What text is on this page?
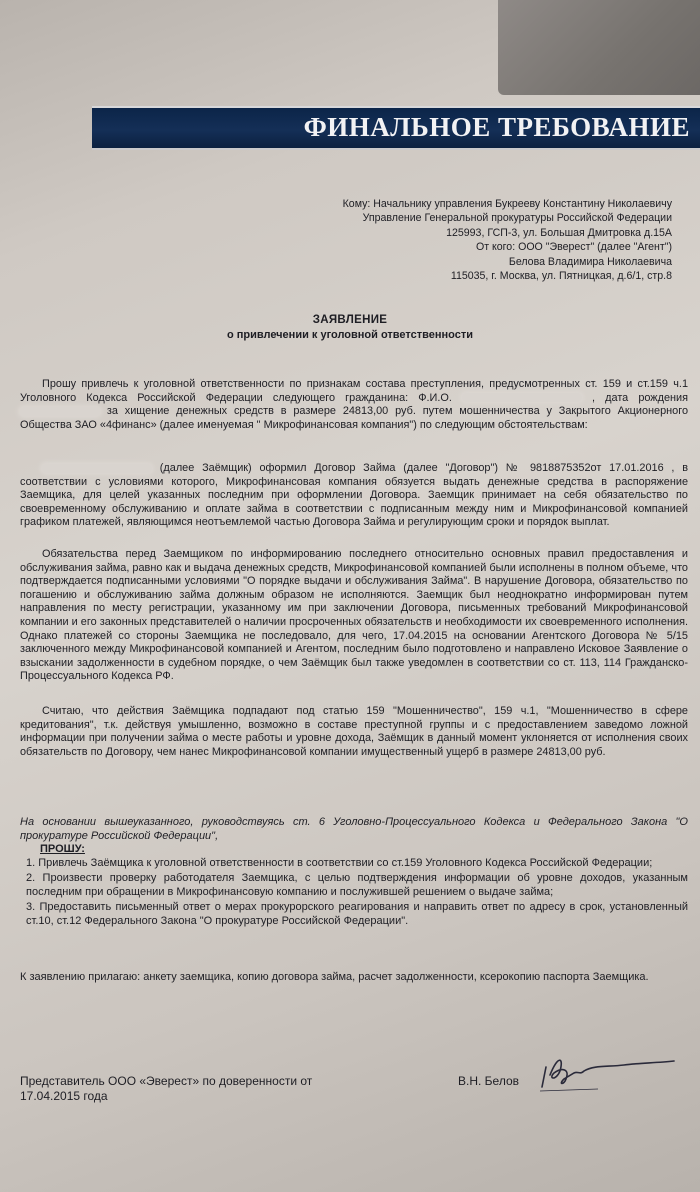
ФИНАЛЬНОЕ ТРЕБОВАНИЕ
Кому: Начальнику управления Букрееву Константину Николаевичу
Управление Генеральной прокуратуры Российской Федерации
125993, ГСП-3, ул. Большая Дмитровка д.15А
От кого: ООО "Эверест" (далее "Агент")
Белова Владимира Николаевича
115035, г. Москва, ул. Пятницкая, д.6/1, стр.8
ЗАЯВЛЕНИЕ
о привлечении к уголовной ответственности

Прошу привлечь к уголовной ответственности по признакам состава преступления, предусмотренных ст. 159 и ст.159 ч.1 Уголовного Кодекса Российской Федерации следующего гражданина: Ф.И.О.	, дата рождения  за хищение денежных средств в размере 24813,00 руб. путем мошенничества у Закрытого Акционерного Общества ЗАО «4финанс» (далее именуемая " Микрофинансовая компания") по следующим обстоятельствам:

(далее Заёмщик) оформил Договор Займа (далее "Договор") № 9818875352от 17.01.2016 , в соответствии с условиями которого, Микрофинансовая компания обязуется выдать денежные средства в распоряжение Заемщика, для целей указанных последним при оформлении Договора. Заемщик принимает на себя обязательство по своевременному обслуживанию и оплате займа в соответствии с подписанным между ним и Микрофинансовой компанией графиком платежей, являющимся неотъемлемой частью Договора Займа и регулирующим сроки и порядок выплат.

Обязательства перед Заемщиком по информированию последнего относительно основных правил предоставления и обслуживания займа, равно как и выдача денежных средств, Микрофинансовой компанией были исполнены в полном объеме, что подтверждается подписанными условиями "О порядке выдачи и обслуживания Займа". В нарушение Договора, обязательство по погашению и обслуживанию займа должным образом не исполняются. Заемщик был неоднократно информирован путем направления по месту регистрации, указанному им при заключении Договора, письменных требований Микрофинансовой компании и его законных представителей о наличии просроченных обязательств и необходимости их своевременного исполнения. Однако платежей со стороны Заемщика не последовало, для чего, 17.04.2015 на основании Агентского Договора № 5/15 заключенного между Микрофинансовой компанией и Агентом, последним было подготовлено и направлено Исковое Заявление о взыскании задолженности в судебном порядке, о чем Заёмщик был также уведомлен в соответствии со ст. 113, 114 Гражданско-Процессуального Кодекса РФ.

Считаю, что действия Заёмщика подпадают под статью 159 "Мошенничество", 159 ч.1, "Мошенничество в сфере кредитования", т.к. действуя умышленно, возможно в составе преступной группы и с предоставлением заведомо ложной информации при получении займа о месте работы и уровне дохода, Заёмщик в данный момент уклоняется от исполнения своих обязательств по Договору, чем нанес Микрофинансовой компании имущественный ущерб в размере 24813,00 руб.

На основании вышеуказанного, руководствуясь ст. 6 Уголовно-Процессуального Кодекса и Федерального Закона "О прокуратуре Российской Федерации",
ПРОШУ:
1. Привлечь Заёмщика к уголовной ответственности в соответствии со ст.159 Уголовного Кодекса Российской Федерации;
2. Произвести проверку работодателя Заемщика, с целью подтверждения информации об уровне доходов, указанным последним при обращении в Микрофинансовую компанию и послужившей решением о выдаче займа;
3. Предоставить письменный ответ о мерах прокурорского реагирования и направить ответ по адресу в срок, установленный ст.10, ст.12 Федерального Закона "О прокуратуре Российской Федерации".
К заявлению прилагаю: анкету заемщика, копию договора займа, расчет задолженности, ксерокопию паспорта Заемщика.
Представитель ООО «Эверест» по доверенности от
17.04.2015 года
В.Н. Белов
